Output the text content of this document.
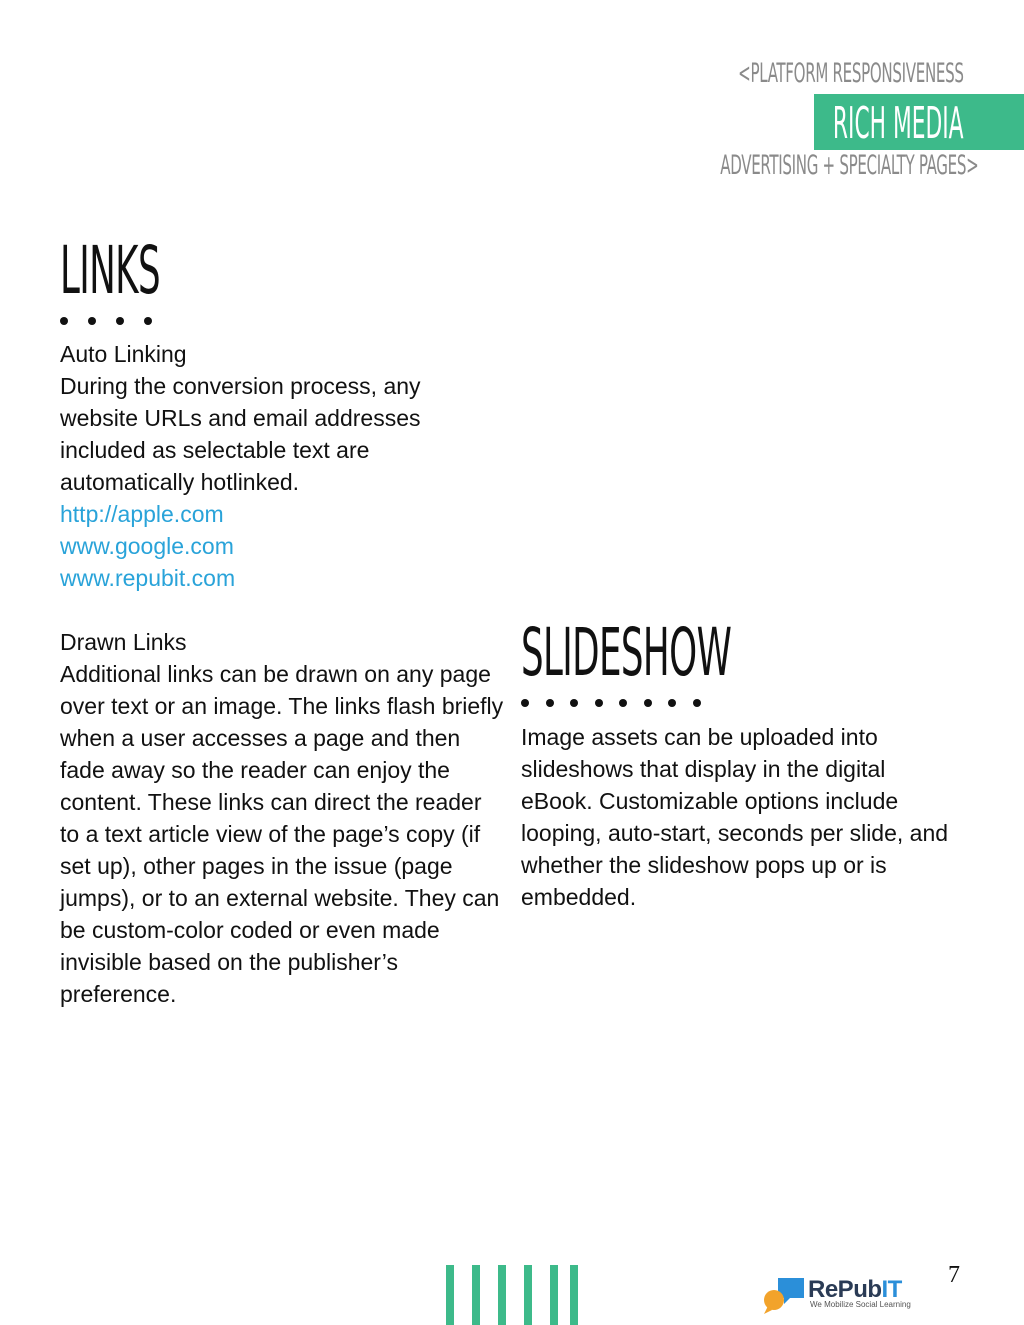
<PLATFORM RESPONSIVENESS
RICH MEDIA
ADVERTISING + SPECIALTY PAGES>
LINKS

Auto Linking

During the conversion process, any website URLs and email addresses included as selectable text are automatically hotlinked.

http://apple.com
www.google.com
www.repubit.com

Drawn Links

Additional links can be drawn on any page over text or an image. The links flash briefly when a user accesses a page and then fade away so the reader can enjoy the content. These links can direct the reader to a text article view of the page’s copy (if set up), other pages in the issue (page jumps), or to an external website. They can be custom-color coded or even made invisible based on the publisher’s preference.

SLIDESHOW

Image assets can be uploaded into slideshows that display in the digital eBook. Customizable options include looping, auto-start, seconds per slide, and whether the slideshow pops up or is embedded.

RePubIT
We Mobilize Social Learning
7
